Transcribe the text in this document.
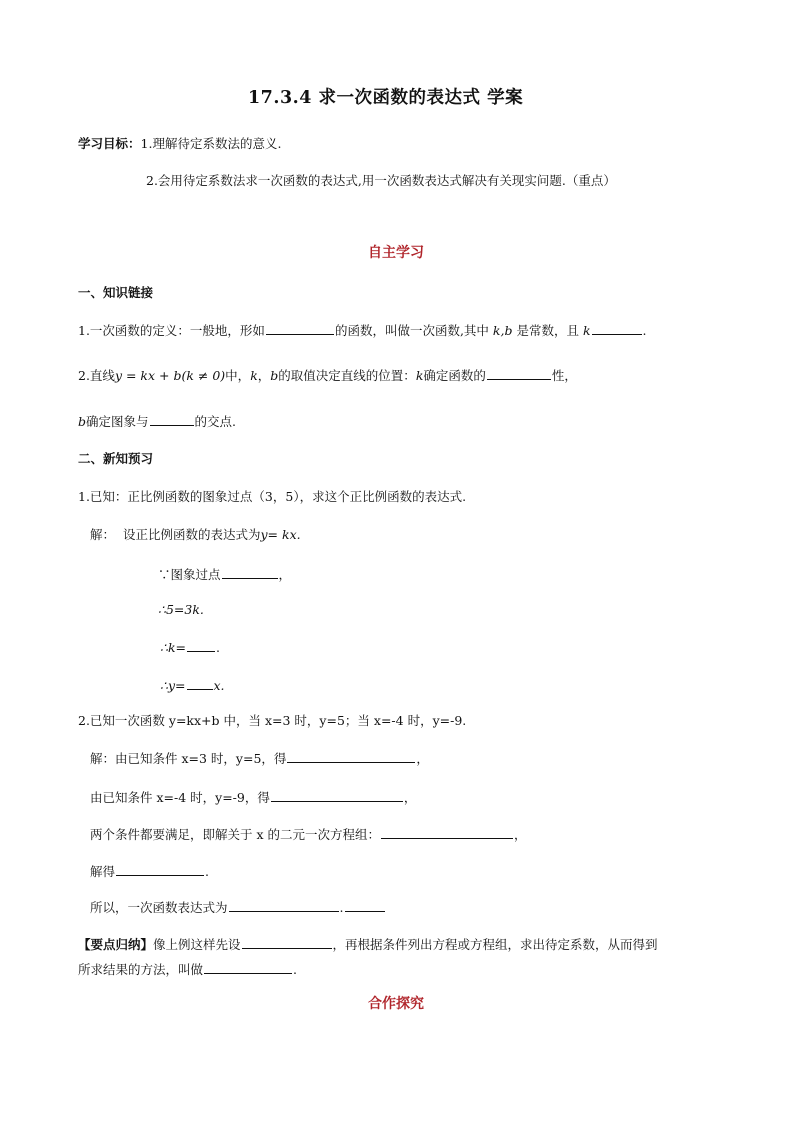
17.3.4 求一次函数的表达式 学案
学习目标：1.理解待定系数法的意义.
2.会用待定系数法求一次函数的表达式,用一次函数表达式解决有关现实问题.（重点）
自主学习
一、知识链接
1.一次函数的定义：一般地，形如	的函数，叫做一次函数,其中 k,b 是常数，且 k	.
2.直线y = kx + b(k ≠ 0)中，k，b的取值决定直线的位置：k确定函数的	性，
b确定图象与	的交点.
二、新知预习
1.已知：正比例函数的图象过点（3，5），求这个正比例函数的表达式.
解： 设正比例函数的表达式为y= kx.
∵图象过点	，
∴5=3k.
∴k= .
∴y= x.
2.已知一次函数 y=kx+b 中，当 x=3 时，y=5；当 x=-4 时，y=-9.
解：由已知条件 x=3 时，y=5，得	，
由已知条件 x=-4 时，y=-9，得	，
两个条件都要满足，即解关于 x 的二元一次方程组：	，
解得	.
所以，一次函数表达式为	.
【要点归纳】像上例这样先设	，再根据条件列出方程或方程组，求出待定系数，从而得到
所求结果的方法，叫做	.
合作探究
